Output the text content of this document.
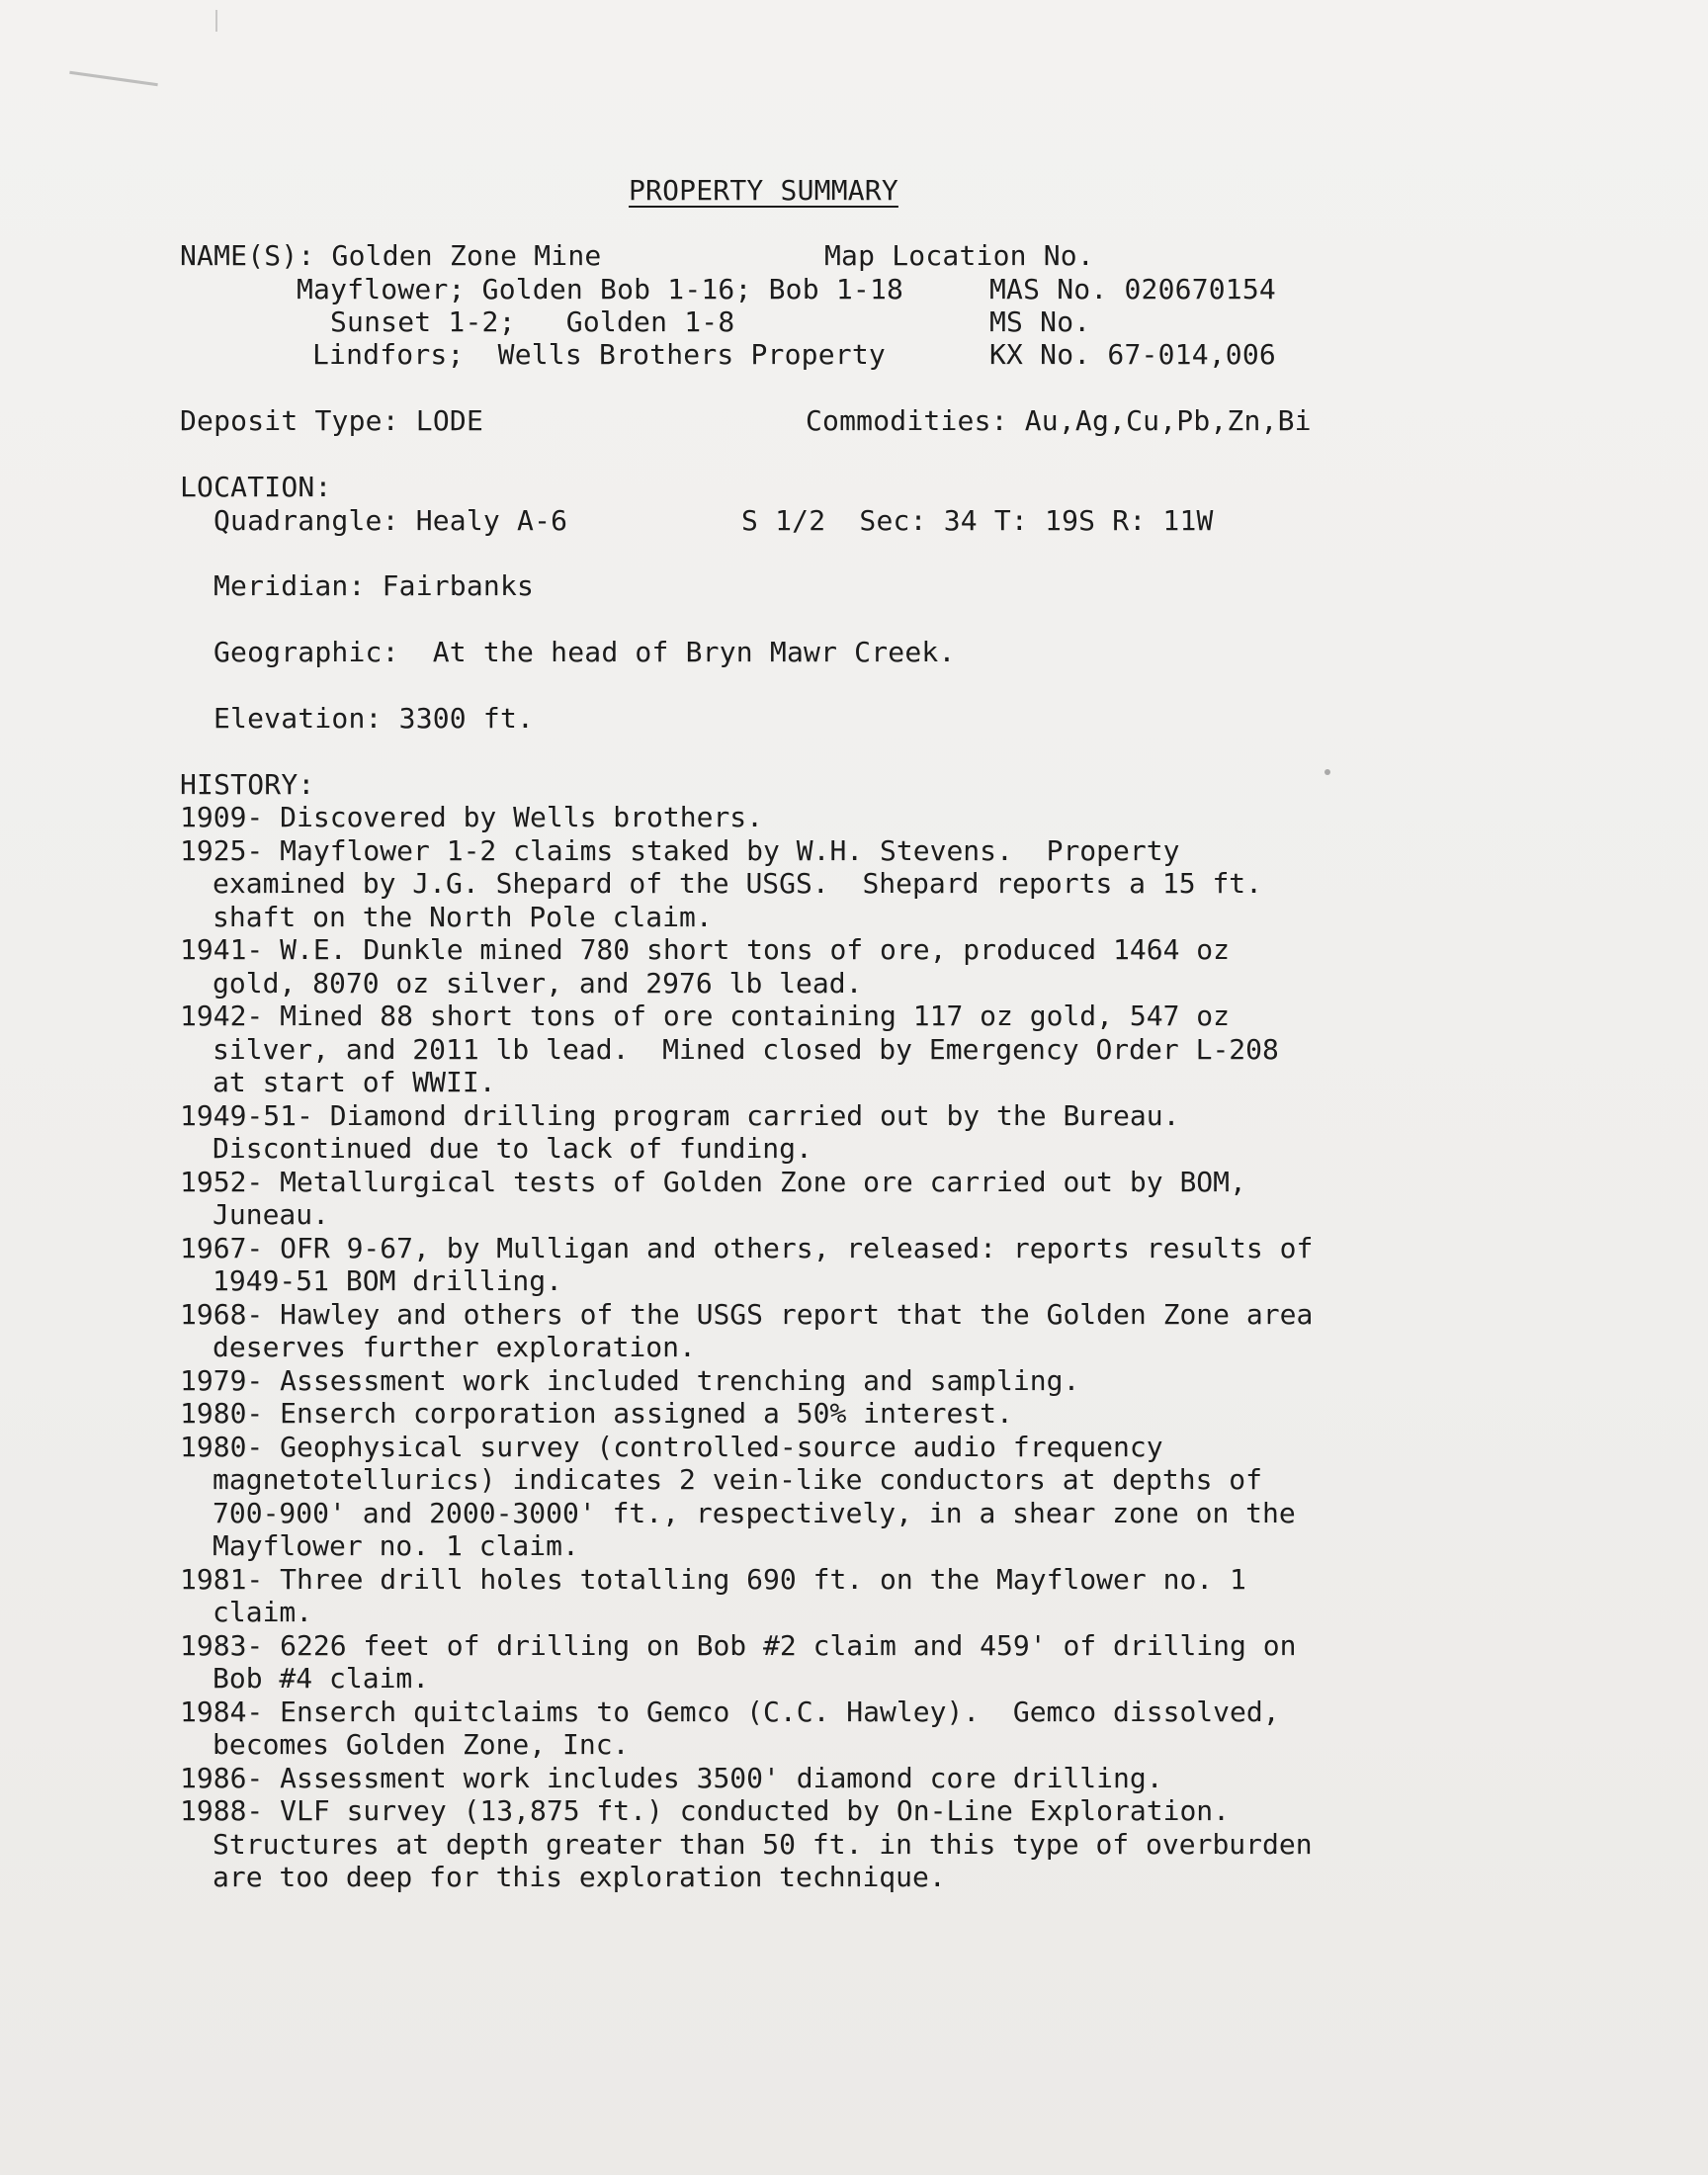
PROPERTY SUMMARY
NAME(S): Golden Zone Mine
Mayflower; Golden Bob 1-16; Bob 1-18
Sunset 1-2;   Golden 1-8
Lindfors;  Wells Brothers Property
Map Location No.
MAS No. 020670154
MS No.
KX No. 67-014,006
Deposit Type: LODE	Commodities: Au,Ag,Cu,Pb,Zn,Bi
LOCATION:
Quadrangle: Healy A-6	S 1/2  Sec: 34 T: 19S R: 11W
Meridian: Fairbanks
Geographic:  At the head of Bryn Mawr Creek.
Elevation: 3300 ft.
HISTORY:
1909- Discovered by Wells brothers.
1925- Mayflower 1-2 claims staked by W.H. Stevens.  Property examined by J.G. Shepard of the USGS.  Shepard reports a 15 ft. shaft on the North Pole claim.
1941- W.E. Dunkle mined 780 short tons of ore, produced 1464 oz gold, 8070 oz silver, and 2976 lb lead.
1942- Mined 88 short tons of ore containing 117 oz gold, 547 oz silver, and 2011 lb lead.  Mined closed by Emergency Order L-208 at start of WWII.
1949-51- Diamond drilling program carried out by the Bureau. Discontinued due to lack of funding.
1952- Metallurgical tests of Golden Zone ore carried out by BOM, Juneau.
1967- OFR 9-67, by Mulligan and others, released: reports results of 1949-51 BOM drilling.
1968- Hawley and others of the USGS report that the Golden Zone area deserves further exploration.
1979- Assessment work included trenching and sampling.
1980- Enserch corporation assigned a 50% interest.
1980- Geophysical survey (controlled-source audio frequency magnetotellurics) indicates 2 vein-like conductors at depths of 700-900' and 2000-3000' ft., respectively, in a shear zone on the Mayflower no. 1 claim.
1981- Three drill holes totalling 690 ft. on the Mayflower no. 1 claim.
1983- 6226 feet of drilling on Bob #2 claim and 459' of drilling on Bob #4 claim.
1984- Enserch quitclaims to Gemco (C.C. Hawley).  Gemco dissolved, becomes Golden Zone, Inc.
1986- Assessment work includes 3500' diamond core drilling.
1988- VLF survey (13,875 ft.) conducted by On-Line Exploration. Structures at depth greater than 50 ft. in this type of overburden are too deep for this exploration technique.
